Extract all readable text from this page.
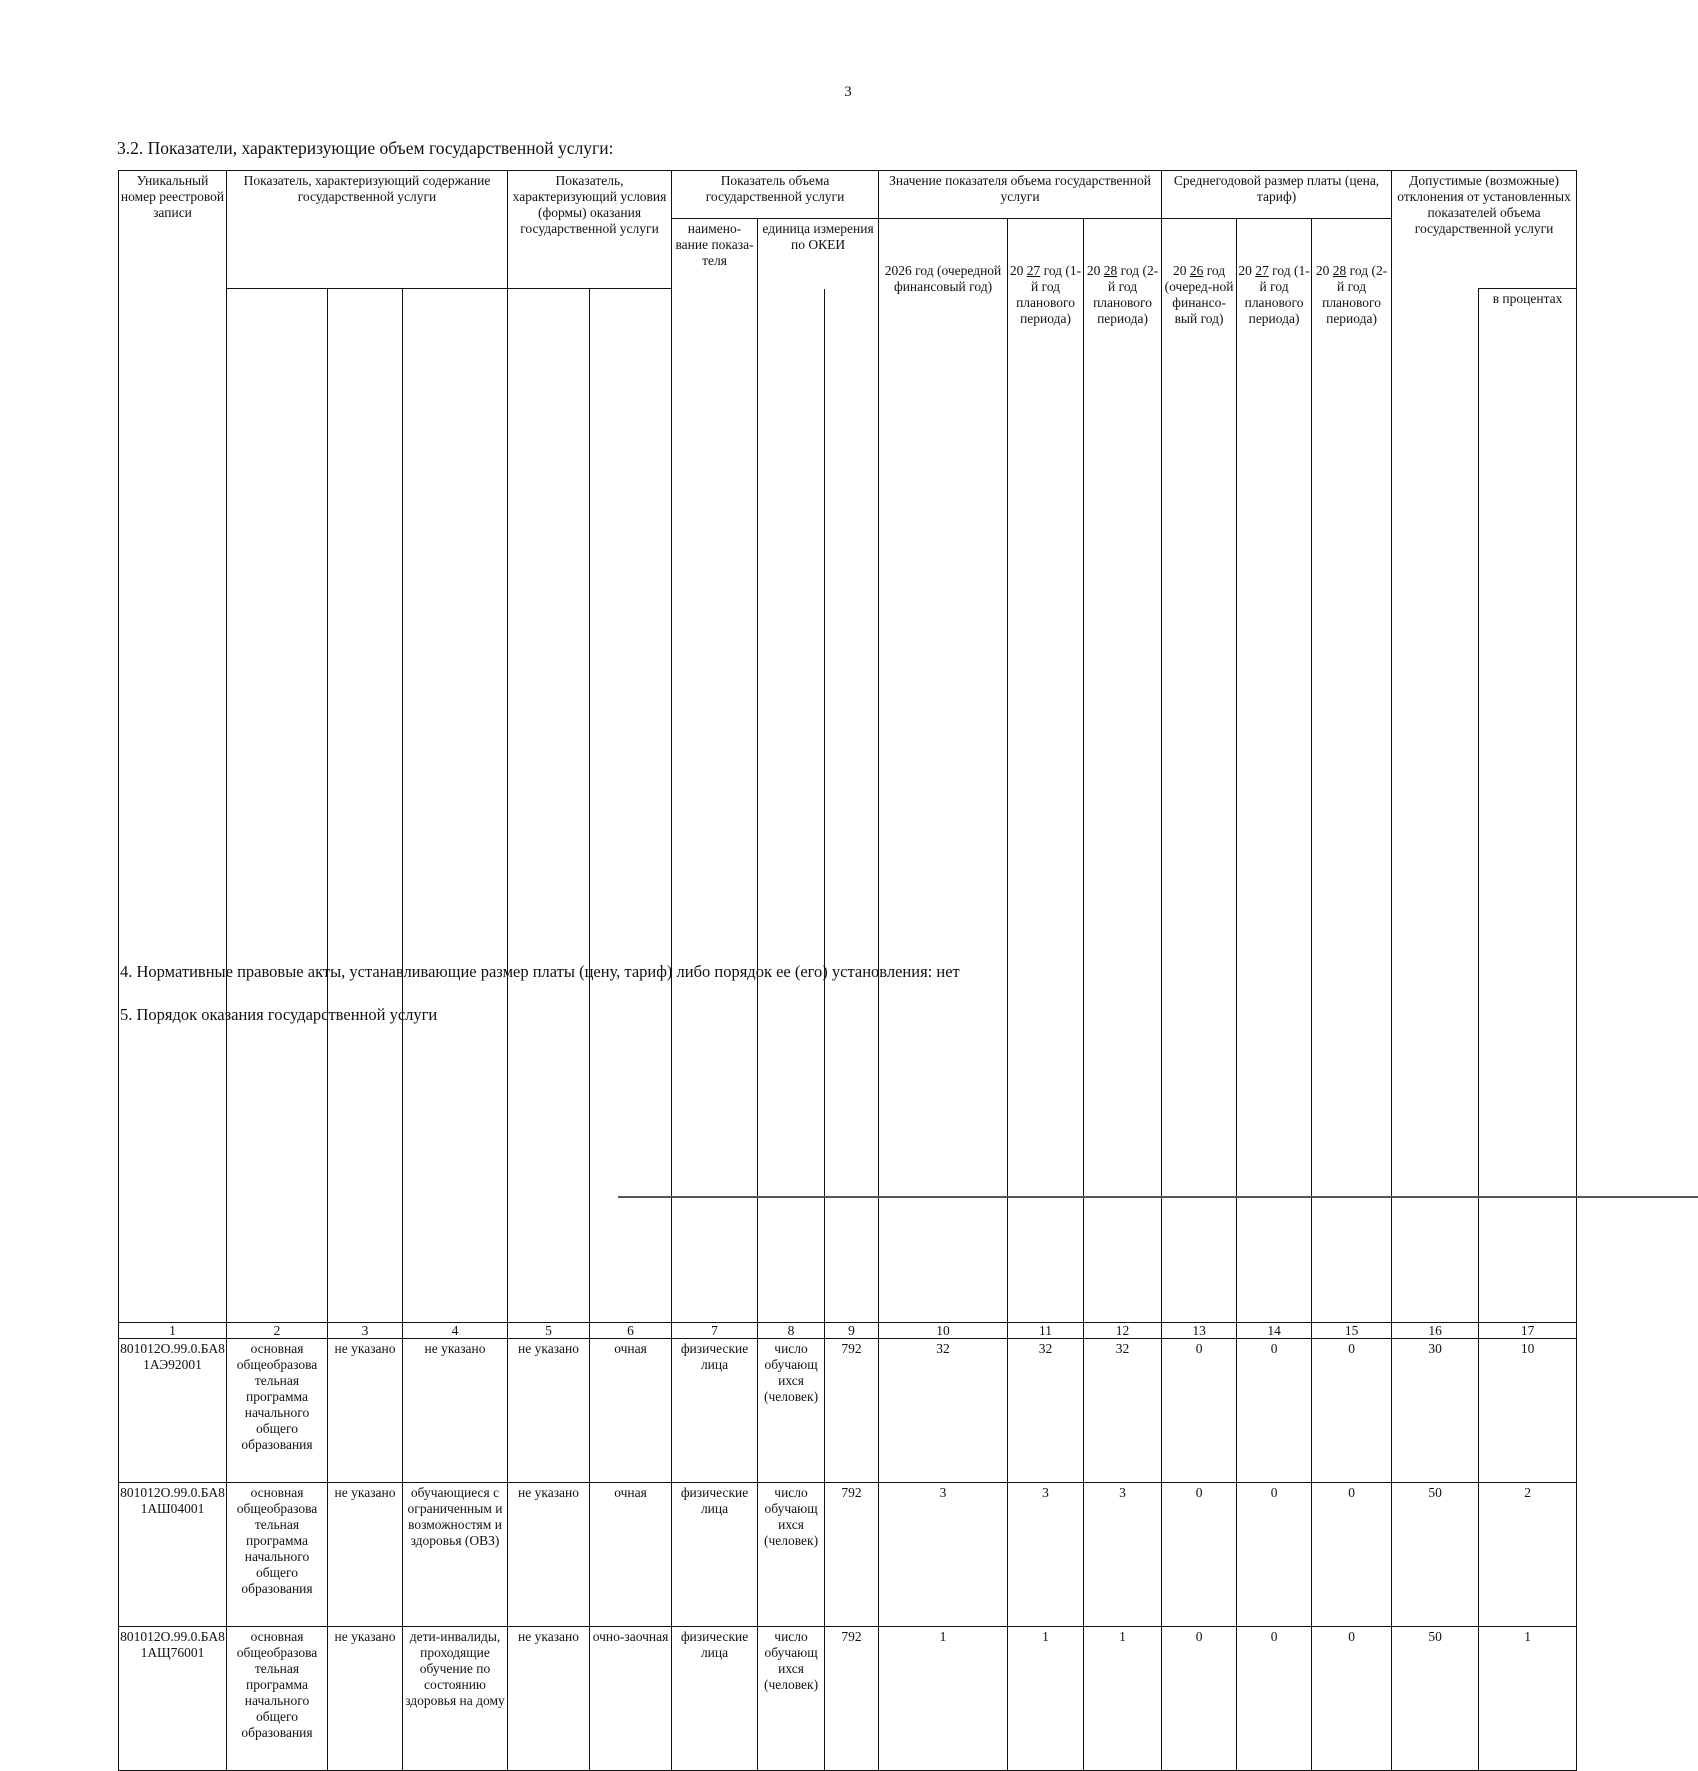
3
3.2. Показатели, характеризующие объем государственной услуги:
Уникальный номер реестровой записи	Показатель, характеризующий содержание государственной услуги			Показатель, характеризующий условия (формы) оказания государственной услуги		Показатель объема государственной услуги			Значение показателя объема государственной услуги			Среднегодовой размер платы (цена, тариф)			Допустимые (возможные) отклонения от установленных показателей объема государственной услуги		
						наимено-вание показа-теля	единица измерения по ОКЕИ		2026 год (очередной финансовый год)	20 27 год (1-й год планового периода)	20 28 год (2-й год планового периода)	20 26 год (очеред-ной финансо-вый год)	20 27 год (1-й год планового периода)	20 28 год (2-й год планового периода)			
																в процентах	

1	2	3	4	5	6	7	8	9	10	11	12	13	14	15	16	17	
801012О.99.0.БА81АЭ92001	основная общеобразова тельная программа начального общего образования	не указано	не указано	не указано	очная	физические лица	число обучающ ихся (человек)	792	32	32	32	0	0	0	30	10	
801012О.99.0.БА81АШ04001	основная общеобразова тельная программа начального общего образования	не указано	обучающиеся с ограниченным и возможностям и здоровья (ОВЗ)	не указано	очная	физические лица	число обучающ ихся (человек)	792	3	3	3	0	0	0	50	2	
801012О.99.0.БА81АЩ76001	основная общеобразова тельная программа начального общего образования	не указано	дети-инвалиды, проходящие обучение по состоянию здоровья на дому	не указано	очно-заочная	физические лица	число обучающ ихся (человек)	792	1	1	1	0	0	0	50	1	
4. Нормативные правовые акты, устанавливающие размер платы (цену, тариф) либо порядок ее (его) установления: нет
5. Порядок оказания государственной услуги
